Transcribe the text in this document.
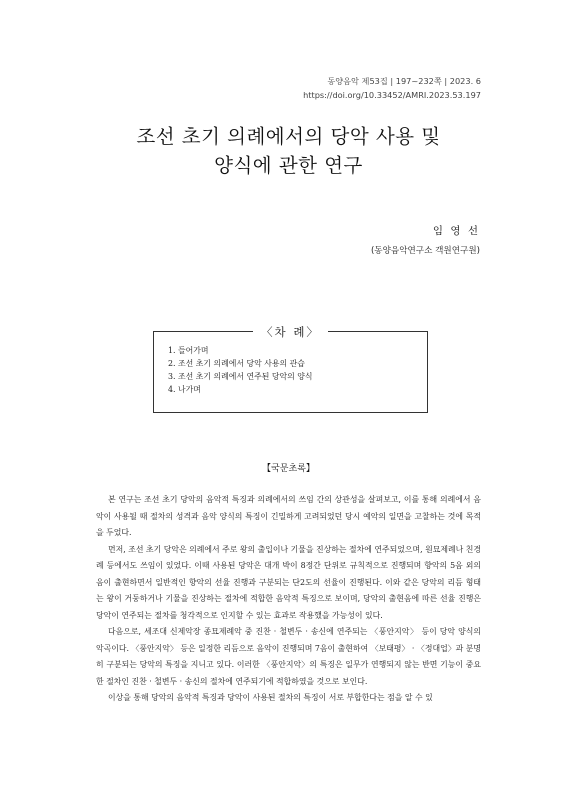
동양음악 제53집 | 197~232쪽 | 2023. 6
https://doi.org/10.33452/AMRI.2023.53.197
조선 초기 의례에서의 당악 사용 및
양식에 관한 연구
임 영 선
(동양음악연구소 객원연구원)
〈차 례〉
1. 들어가며
2. 조선 초기 의례에서 당악 사용의 관습
3. 조선 초기 의례에서 연주된 당악의 양식
4. 나가며
【국문초록】

본 연구는 조선 초기 당악의 음악적 특징과 의례에서의 쓰임 간의 상관성을 살펴보고, 이를 통해 의례에서 음악이 사용될 때 절차의 성격과 음악 양식의 특징이 긴밀하게 고려되었던 당시 예악의 일면을 고찰하는 것에 목적을 두었다.

먼저, 조선 초기 당악은 의례에서 주로 왕의 출입이나 기물을 진상하는 절차에 연주되었으며, 원묘제례나 친경례 등에서도 쓰임이 있었다. 이때 사용된 당악은 대개 박이 8정간 단위로 규칙적으로 진행되며 향악의 5음 외의 음이 출현하면서 일반적인 향악의 선율 진행과 구분되는 단2도의 선율이 진행된다. 이와 같은 당악의 리듬 형태는 왕이 거둥하거나 기물을 진상하는 절차에 적합한 음악적 특징으로 보이며, 당악의 출현음에 따른 선율 진행은 당악이 연주되는 절차를 청각적으로 인지할 수 있는 효과로 작용했을 가능성이 있다.

다음으로, 세조대 신제악장 종묘제례악 중 진찬 · 철변두 · 송신에 연주되는 〈풍안지악〉 등이 당악 양식의 악곡이다. 〈풍안지악〉 등은 일정한 리듬으로 음악이 진행되며 7음이 출현하여 〈보태평〉 · 〈정대업〉과 분명히 구분되는 당악의 특징을 지니고 있다. 이러한 〈풍안지악〉의 특징은 일무가 연행되지 않는 반면 기능이 중요한 절차인 진찬 · 철변두 · 송신의 절차에 연주되기에 적합하였을 것으로 보인다.

이상을 통해 당악의 음악적 특징과 당악이 사용된 절차의 특징이 서로 부합한다는 점을 알 수 있
